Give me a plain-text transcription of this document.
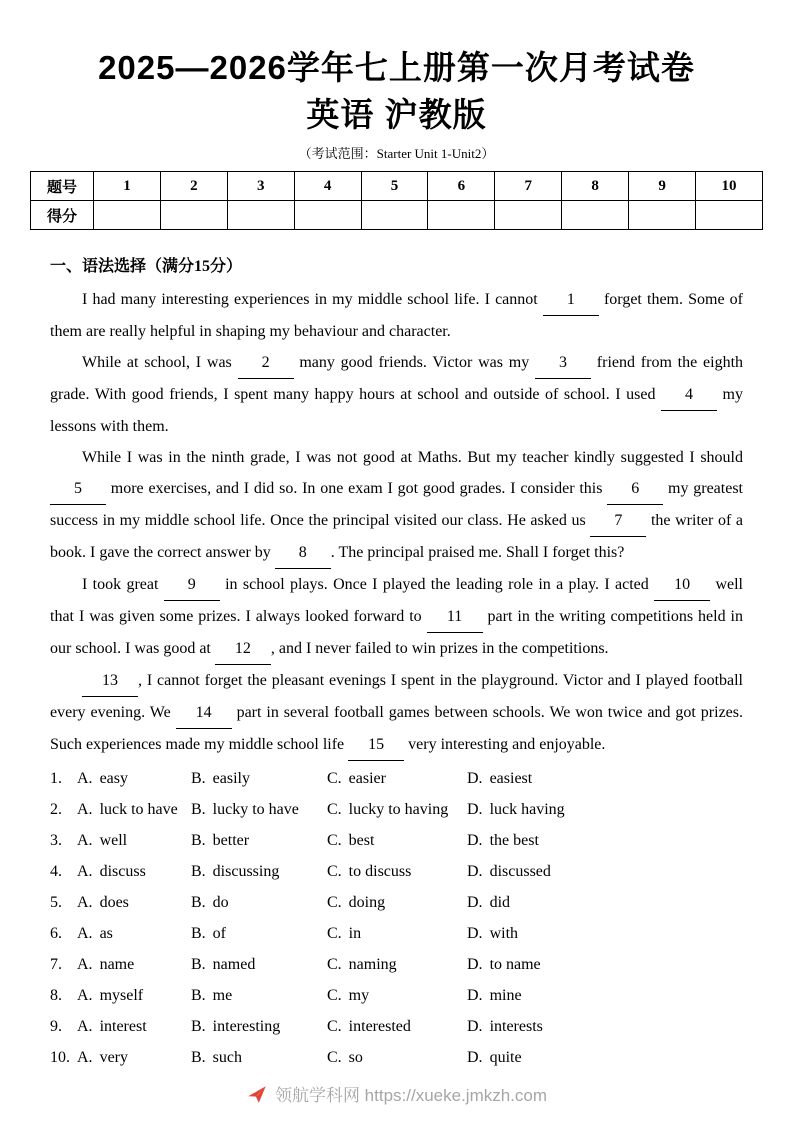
2025—2026学年七上册第一次月考试卷
英语 沪教版
（考试范围：Starter Unit 1-Unit2）
题号	1	2	3	4	5	6	7	8	9	10
得分										
一、语法选择（满分15分）

I had many interesting experiences in my middle school life. I cannot 1 forget them. Some of them are really helpful in shaping my behaviour and character.

While at school, I was 2 many good friends. Victor was my 3 friend from the eighth grade. With good friends, I spent many happy hours at school and outside of school. I used 4 my lessons with them.

While I was in the ninth grade, I was not good at Maths. But my teacher kindly suggested I should 5 more exercises, and I did so. In one exam I got good grades. I consider this 6 my greatest success in my middle school life. Once the principal visited our class. He asked us 7 the writer of a book. I gave the correct answer by 8 . The principal praised me. Shall I forget this?

I took great 9 in school plays. Once I played the leading role in a play. I acted 10 well that I was given some prizes. I always looked forward to 11 part in the writing competitions held in our school. I was good at 12 , and I never failed to win prizes in the competitions.

13 , I cannot forget the pleasant evenings I spent in the playground. Victor and I played football every evening. We 14 part in several football games between schools. We won twice and got prizes. Such experiences made my middle school life 15 very interesting and enjoyable.

1. A. easy	B. easily	C. easier	D. easiest
2. A. luck to have B. lucky to have	C. lucky to having	D. luck having
3. A. well	B. better	C. best	D. the best
4. A. discuss	B. discussing	C. to discuss	D. discussed
5. A. does	B. do	C. doing	D. did
6. A. as	B. of	C. in	D. with
7. A. name	B. named	C. naming	D. to name
8. A. myself	B. me	C. my	D. mine
9. A. interest	B. interesting	C. interested	D. interests
10. A. very	B. such	C. so	D. quite
领航学科网 https://xueke.jmkzh.com
